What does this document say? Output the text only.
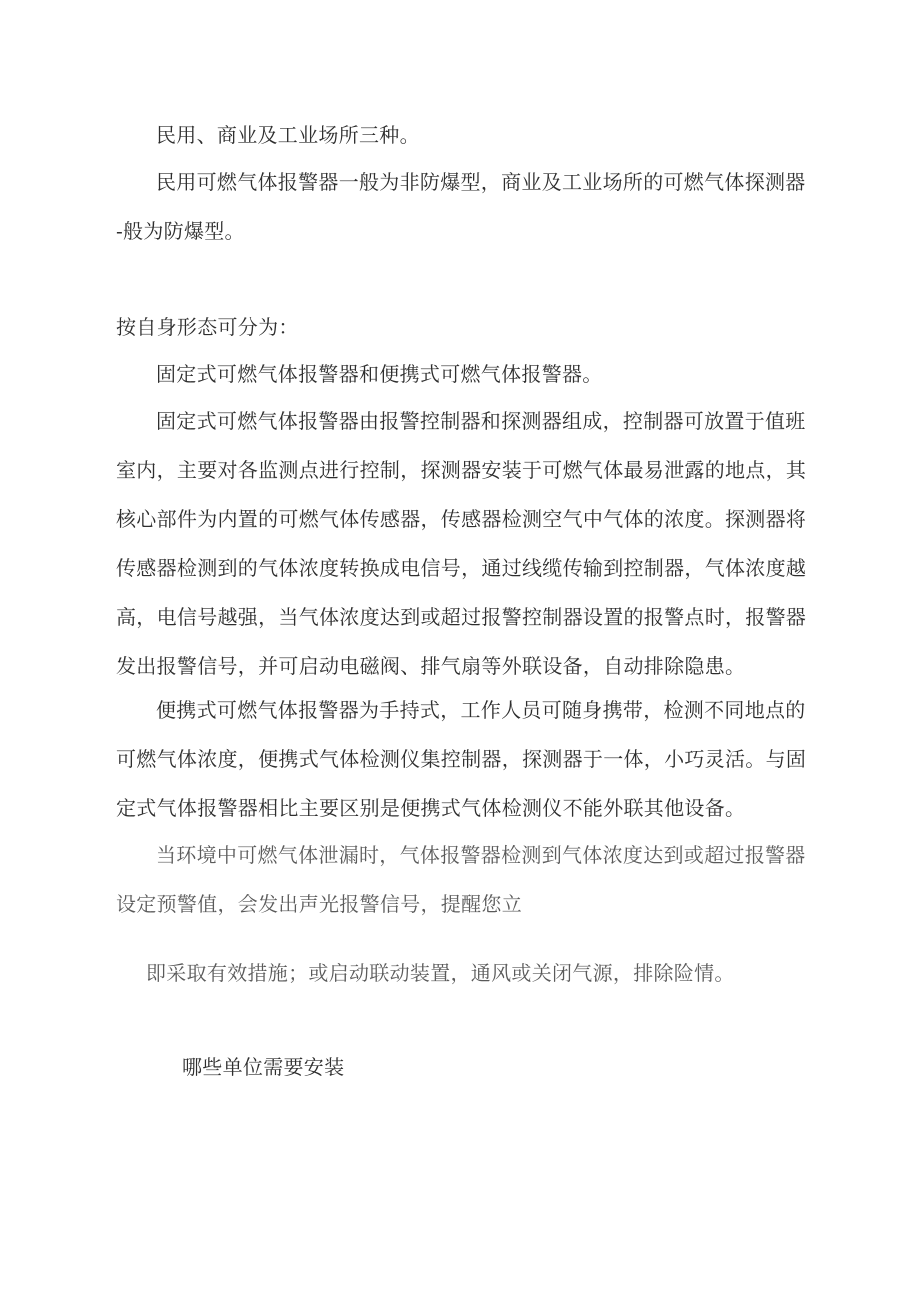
民用、商业及工业场所三种。
民用可燃气体报警器一般为非防爆型，商业及工业场所的可燃气体探测器
-般为防爆型。
按自身形态可分为：
固定式可燃气体报警器和便携式可燃气体报警器。
固定式可燃气体报警器由报警控制器和探测器组成，控制器可放置于值班
室内，主要对各监测点进行控制，探测器安装于可燃气体最易泄露的地点，其
核心部件为内置的可燃气体传感器，传感器检测空气中气体的浓度。探测器将
传感器检测到的气体浓度转换成电信号，通过线缆传输到控制器，气体浓度越
高，电信号越强，当气体浓度达到或超过报警控制器设置的报警点时，报警器
发出报警信号，并可启动电磁阀、排气扇等外联设备，自动排除隐患。
便携式可燃气体报警器为手持式，工作人员可随身携带，检测不同地点的
可燃气体浓度，便携式气体检测仪集控制器，探测器于一体，小巧灵活。与固
定式气体报警器相比主要区别是便携式气体检测仪不能外联其他设备。
当环境中可燃气体泄漏时，气体报警器检测到气体浓度达到或超过报警器
设定预警值，会发出声光报警信号，提醒您立
即采取有效措施；或启动联动装置，通风或关闭气源，排除险情。
哪些单位需要安装
